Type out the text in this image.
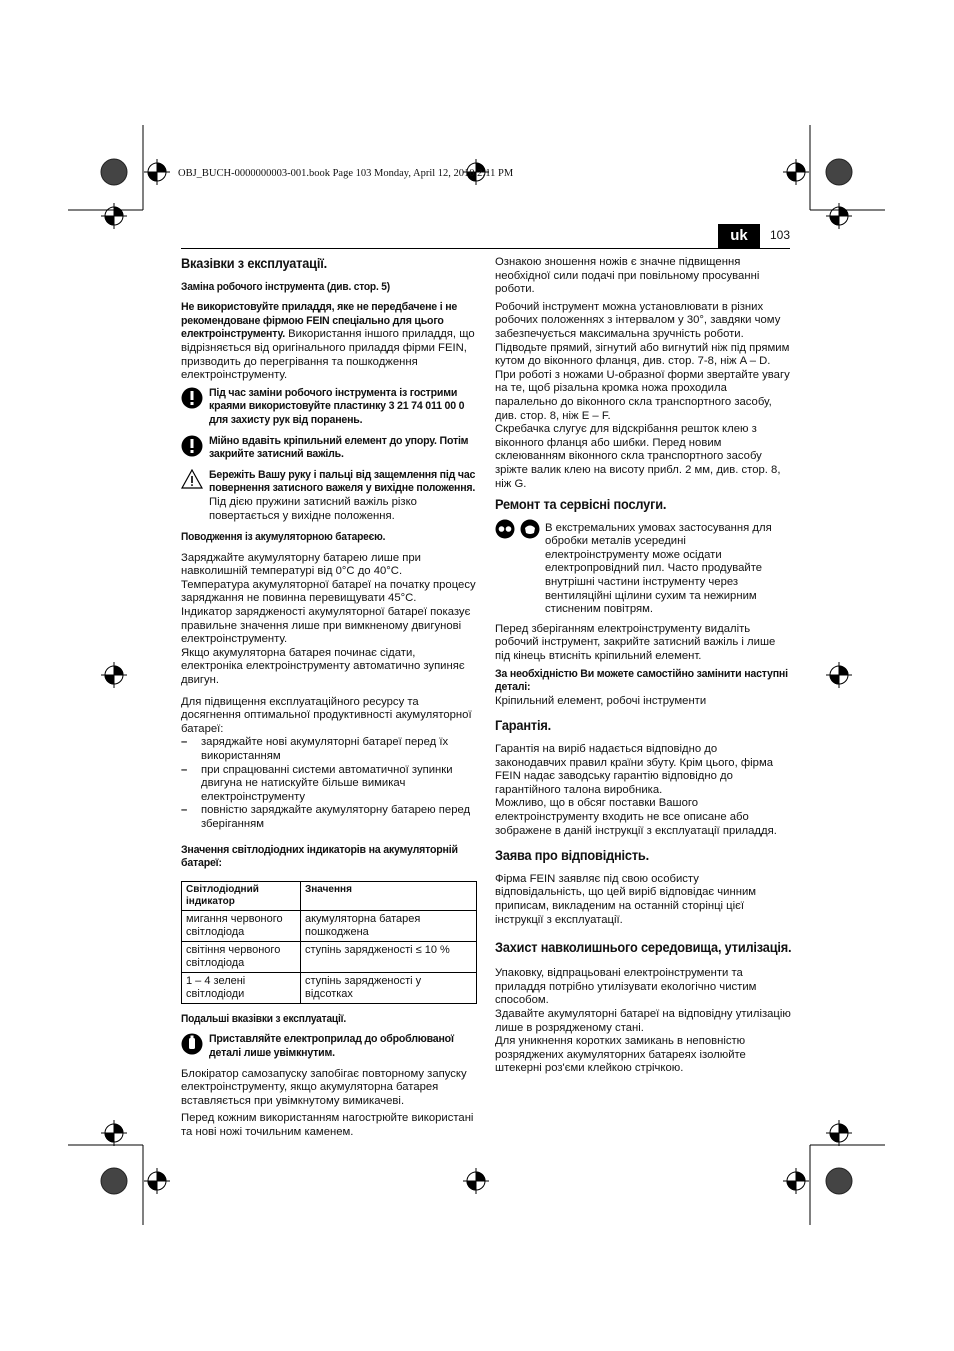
OBJ_BUCH-0000000003-001.book Page 103 Monday, April 12, 2010 2:11 PM
uk	103
Вказівки з експлуатації.
Заміна робочого інструмента (див. стор. 5)

Не використовуйте приладдя, яке не передбачене і не рекомендоване фірмою FEIN спеціально для цього електроінструменту. Використання іншого приладдя, що відрізняється від оригінального приладдя фірми FEIN, призводить до перегрівання та пошкодження електроінструменту.

Під час заміни робочого інструмента із гострими краями використовуйте пластинку 3 21 74 011 00 0 для захисту рук від поранень.
Мійно вдавіть кріпильний елемент до упору. Потім закрийте затисний важіль.
Бережіть Вашу руку і пальці від защемлення під час повернення затисного важеля у вихідне положення. Під дією пружини затисний важіль різко повертається у вихідне положення.
Поводження із акумуляторною батареєю.

Заряджайте акумуляторну батарею лише при навколишній температурі від 0°C до 40°C.

Температура акумуляторної батареї на початку процесу заряджання не повинна перевищувати 45°C.

Індикатор зарядженості акумуляторної батареї показує правильне значення лише при вимкненому двигунові електроінструменту.

Якщо акумуляторна батарея починає сідати, електроніка електроінструменту автоматично зупиняє двигун.

Для підвищення експлуатаційного ресурсу та досягнення оптимальної продуктивності акумуляторної батареї:

–	заряджайте нові акумуляторні батареї перед їх використанням
–	при спрацюванні системи автоматичної зупинки двигуна не натискуйте більше вимикач електроінструменту
–	повністю заряджайте акумуляторну батарею перед зберіганням

Значення світлодіодних індикаторів на акумуляторній батареї:

Світлодіодний індикатор	Значення
мигання червоного світлодіода	акумуляторна батарея пошкоджена
світіння червоного світлодіода	ступінь зарядженості ≤ 10 %
1 – 4 зелені світлодіоди	ступінь зарядженості у відсотках
Подальші вказівки з експлуатації.
Приставляйте електроприлад до оброблюваної деталі лише увімкнутим.

Блокіратор самозапуску запобігає повторному запуску електроінструменту, якщо акумуляторна батарея вставляється при увімкнутому вимикачеві.

Перед кожним використанням нагострюйте використані та нові ножі точильним каменем.

Ознакою зношення ножів є значне підвищення необхідної сили подачі при повільному просуванні роботи.

Робочий інструмент можна установлювати в різних робочих положеннях з інтервалом у 30°, завдяки чому забезпечується максимальна зручність роботи.

Підводьте прямий, зігнутий або вигнутий ніж під прямим кутом до віконного фланця, див. стор. 7-8, ніж A – D.

При роботі з ножами U-образної форми звертайте увагу на те, щоб різальна кромка ножа проходила паралельно до віконного скла транспортного засобу, див. стор. 8, ніж E – F.

Скребачка слугує для відскрібання решток клею з віконного фланця або шибки. Перед новим склеюванням віконного скла транспортного засобу зріжте валик клею на висоту прибл. 2 мм, див. стор. 8, ніж G.

Ремонт та сервісні послуги.

В екстремальних умовах застосування для обробки металів усередині електроінструменту може осідати електропровідний пил. Часто продувайте внутрішні частини інструменту через вентиляційні щілини сухим та нежирним стисненим повітрям.

Перед зберіганням електроінструменту видаліть робочий інструмент, закрийте затисний важіль і лише під кінець втисніть кріпильний елемент.

За необхідністю Ви можете самостійно замінити наступні деталі:

Кріпильний елемент, робочі інструменти

Гарантія.

Гарантія на виріб надається відповідно до законодавчих правил країни збуту. Крім цього, фірма FEIN надає заводську гарантію відповідно до гарантійного талона виробника.

Можливо, що в обсяг поставки Вашого електроінструменту входить не все описане або зображене в даній інструкції з експлуатації приладдя.

Заява про відповідність.

Фірма FEIN заявляє під свою особисту відповідальність, що цей виріб відповідає чинним приписам, викладеним на останній сторінці цієї інструкції з експлуатації.

Захист навколишнього середовища, утилізація.

Упаковку, відпрацьовані електроінструменти та приладдя потрібно утилізувати екологічно чистим способом.

Здавайте акумуляторні батареї на відповідну утилізацію лише в розрядженому стані.

Для уникнення коротких замикань в неповністю розряджених акумуляторних батареях ізолюйте штекерні роз'єми клейкою стрічкою.
